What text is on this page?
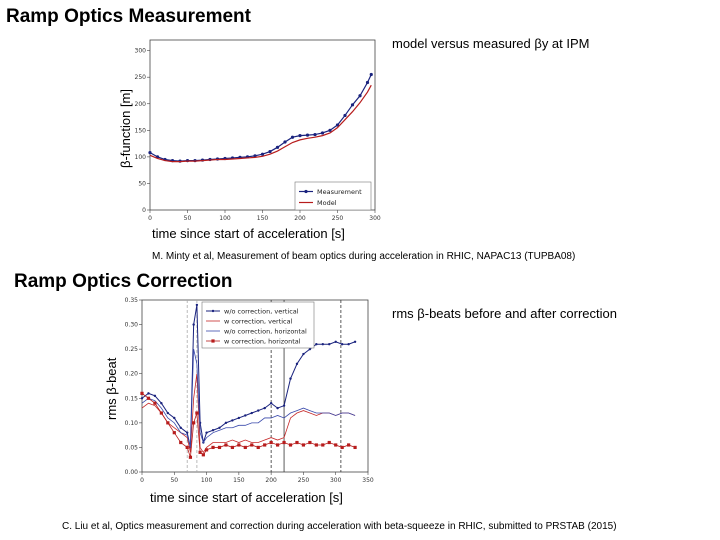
Ramp Optics Measurement
model versus measured βy at IPM
β-function [m]
time since start of acceleration [s]
M. Minty et al, Measurement of beam optics during acceleration in RHIC, NAPAC13 (TUPBA08)
0	50	100	150	200	250	300
0
50
100
150
200
250
300
Measurement
Model
Ramp Optics Correction
rms β-beats before and after correction
rms β-beat
time since start of acceleration [s]
C. Liu et al, Optics measurement and correction during acceleration with beta-squeeze in RHIC, submitted to PRSTAB (2015)
0	50	100	150	200	250	300	350
0.00
0.05
0.10
0.15
0.20
0.25
0.30
0.35
w/o correction, vertical
w correction, vertical
w/o correction, horizontal
w correction, horizontal
